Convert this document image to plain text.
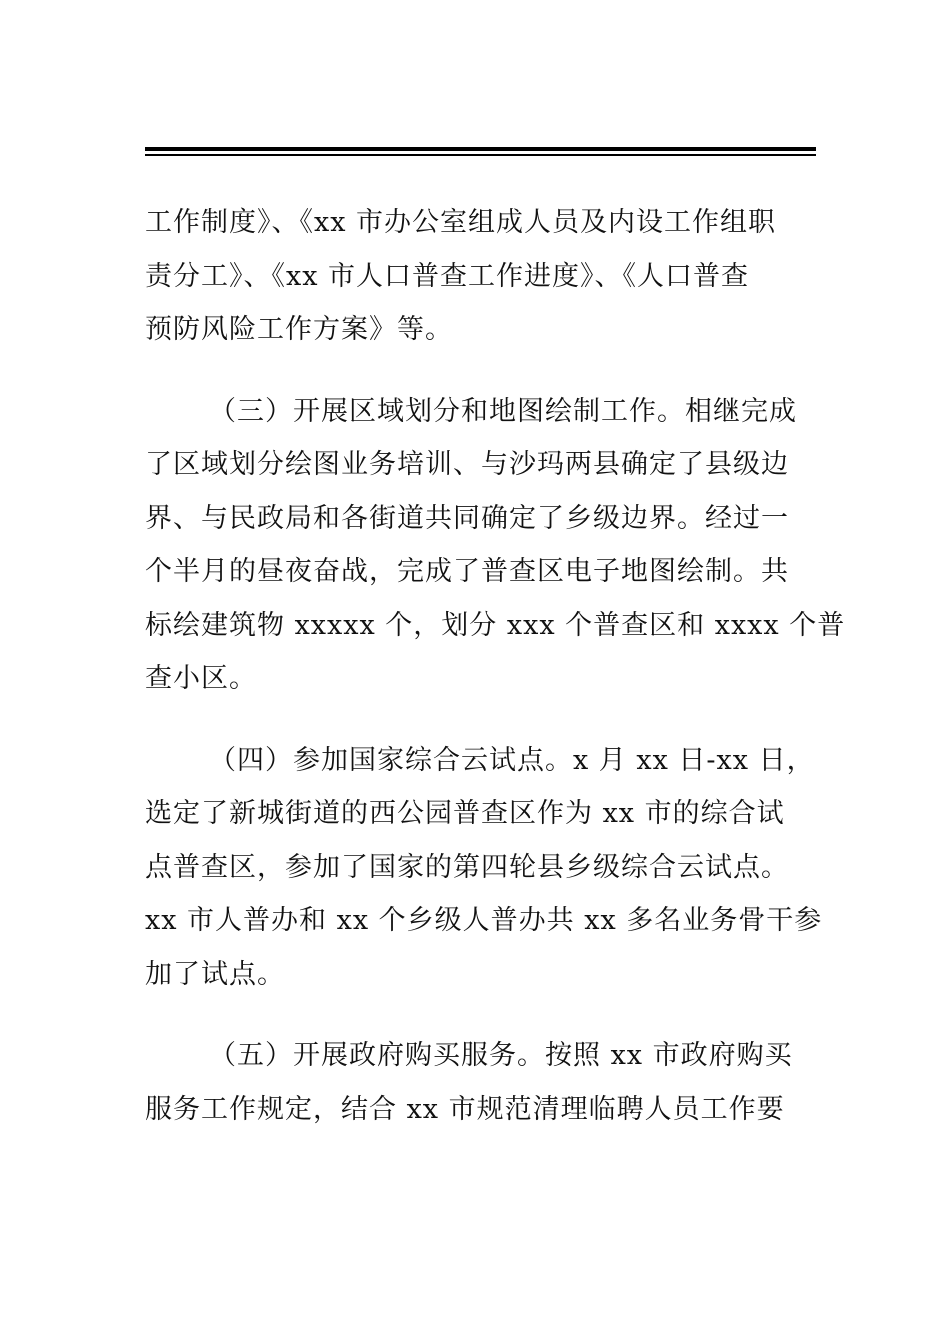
工作制度》、《xx 市办公室组成人员及内设工作组职
责分工》、《xx 市人口普查工作进度》、《人口普查
预防风险工作方案》等。

（三）开展区域划分和地图绘制工作。相继完成
了区域划分绘图业务培训、与沙玛两县确定了县级边
界、与民政局和各街道共同确定了乡级边界。经过一
个半月的昼夜奋战，完成了普查区电子地图绘制。共
标绘建筑物 xxxxx 个，划分 xxx 个普查区和 xxxx 个普
查小区。

（四）参加国家综合云试点。x 月 xx 日-xx 日，
选定了新城街道的西公园普查区作为 xx 市的综合试
点普查区，参加了国家的第四轮县乡级综合云试点。
xx 市人普办和 xx 个乡级人普办共 xx 多名业务骨干参
加了试点。

（五）开展政府购买服务。按照 xx 市政府购买
服务工作规定，结合 xx 市规范清理临聘人员工作要
